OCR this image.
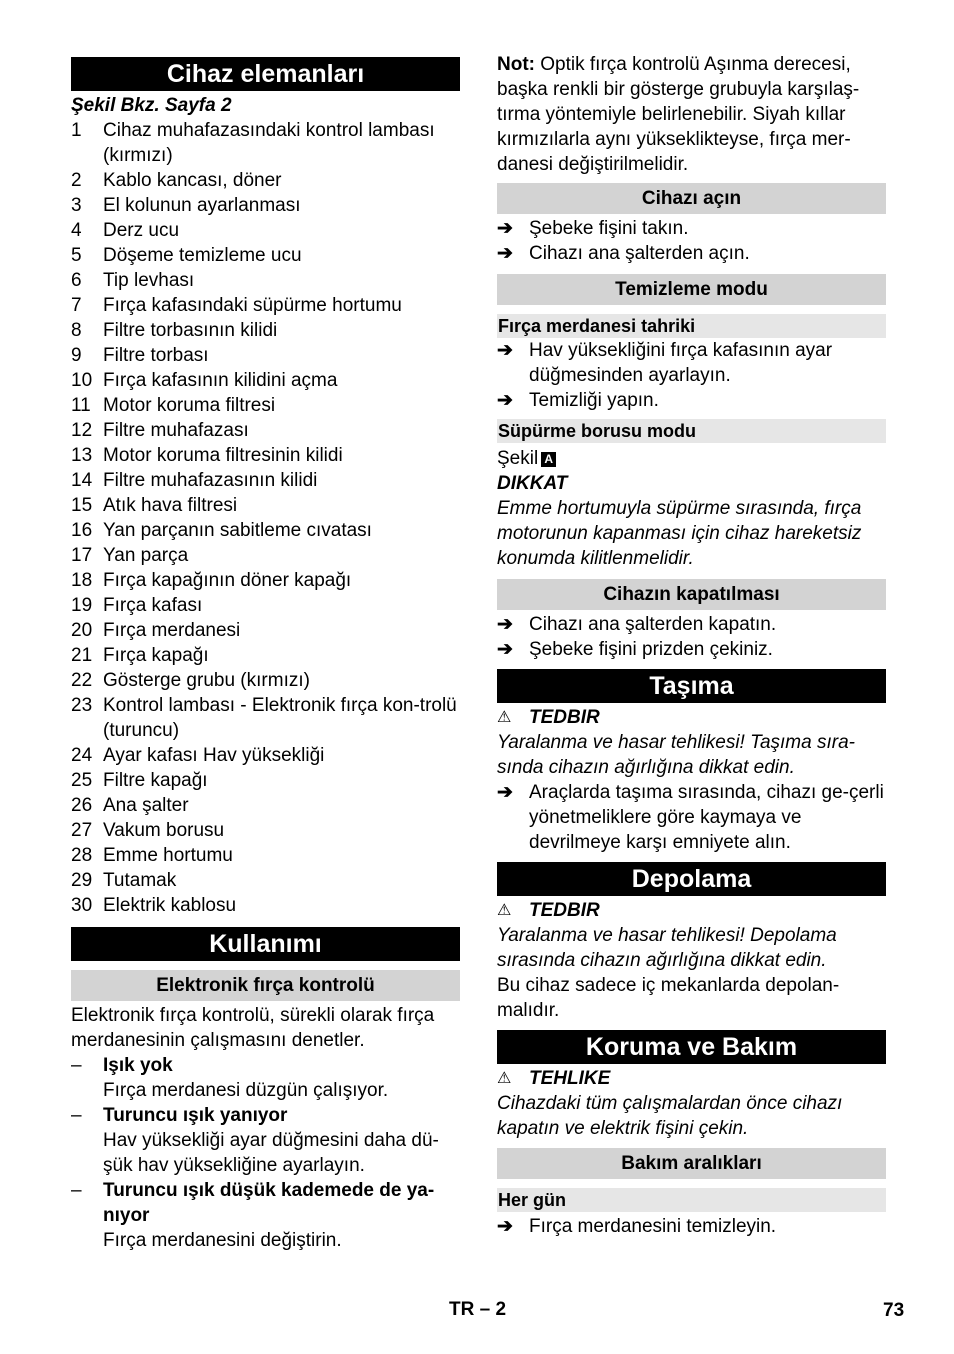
Cihaz elemanları
Şekil Bkz. Sayfa 2
1	Cihaz muhafazasındaki kontrol lambası (kırmızı)
2	Kablo kancası, döner
3	El kolunun ayarlanması
4	Derz ucu
5	Döşeme temizleme ucu
6	Tip levhası
7	Fırça kafasındaki süpürme hortumu
8	Filtre torbasının kilidi
9	Filtre torbası
10 Fırça kafasının kilidini açma
11 Motor koruma filtresi
12 Filtre muhafazası
13 Motor koruma filtresinin kilidi
14 Filtre muhafazasının kilidi
15 Atık hava filtresi
16 Yan parçanın sabitleme cıvatası
17 Yan parça
18 Fırça kapağının döner kapağı
19 Fırça kafası
20 Fırça merdanesi
21 Fırça kapağı
22 Gösterge grubu (kırmızı)
23 Kontrol lambası - Elektronik fırça kon-trolü (turuncu)
24 Ayar kafası Hav yüksekliği
25 Filtre kapağı
26 Ana şalter
27 Vakum borusu
28 Emme hortumu
29 Tutamak
30 Elektrik kablosu
Kullanımı
Elektronik fırça kontrolü
Elektronik fırça kontrolü, sürekli olarak fırça merdanesinin çalışmasını denetler.
–	Işık yok
Fırça merdanesi düzgün çalışıyor.
–	Turuncu ışık yanıyor
Hav yüksekliği ayar düğmesini daha dü-şük hav yüksekliğine ayarlayın.
–	Turuncu ışık düşük kademede de ya-nıyor
Fırça merdanesini değiştirin.
Not: Optik fırça kontrolü Aşınma derecesi, başka renkli bir gösterge grubuyla karşılaş-tırma yöntemiyle belirlenebilir. Siyah kıllar kırmızılarla aynı yükseklikteyse, fırça mer-danesi değiştirilmelidir.
Cihazı açın
➔ Şebeke fişini takın.
➔ Cihazı ana şalterden açın.
Temizleme modu
Fırça merdanesi tahriki
➔ Hav yüksekliğini fırça kafasının ayar düğmesinden ayarlayın.
➔ Temizliği yapın.
Süpürme borusu modu
Şekil A
DIKKAT
Emme hortumuyla süpürme sırasında, fırça motorunun kapanması için cihaz hareketsiz konumda kilitlenmelidir.
Cihazın kapatılması
➔ Cihazı ana şalterden kapatın.
➔ Şebeke fişini prizden çekiniz.
Taşıma
⚠ TEDBIR
Yaralanma ve hasar tehlikesi! Taşıma sıra-sında cihazın ağırlığına dikkat edin.
➔ Araçlarda taşıma sırasında, cihazı ge-çerli yönetmeliklere göre kaymaya ve devrilmeye karşı emniyete alın.
Depolama
⚠ TEDBIR
Yaralanma ve hasar tehlikesi! Depolama sırasında cihazın ağırlığına dikkat edin.
Bu cihaz sadece iç mekanlarda depolan-malıdır.
Koruma ve Bakım
⚠ TEHLIKE
Cihazdaki tüm çalışmalardan önce cihazı kapatın ve elektrik fişini çekin.
Bakım aralıkları
Her gün
➔ Fırça merdanesini temizleyin.
TR – 2	73
